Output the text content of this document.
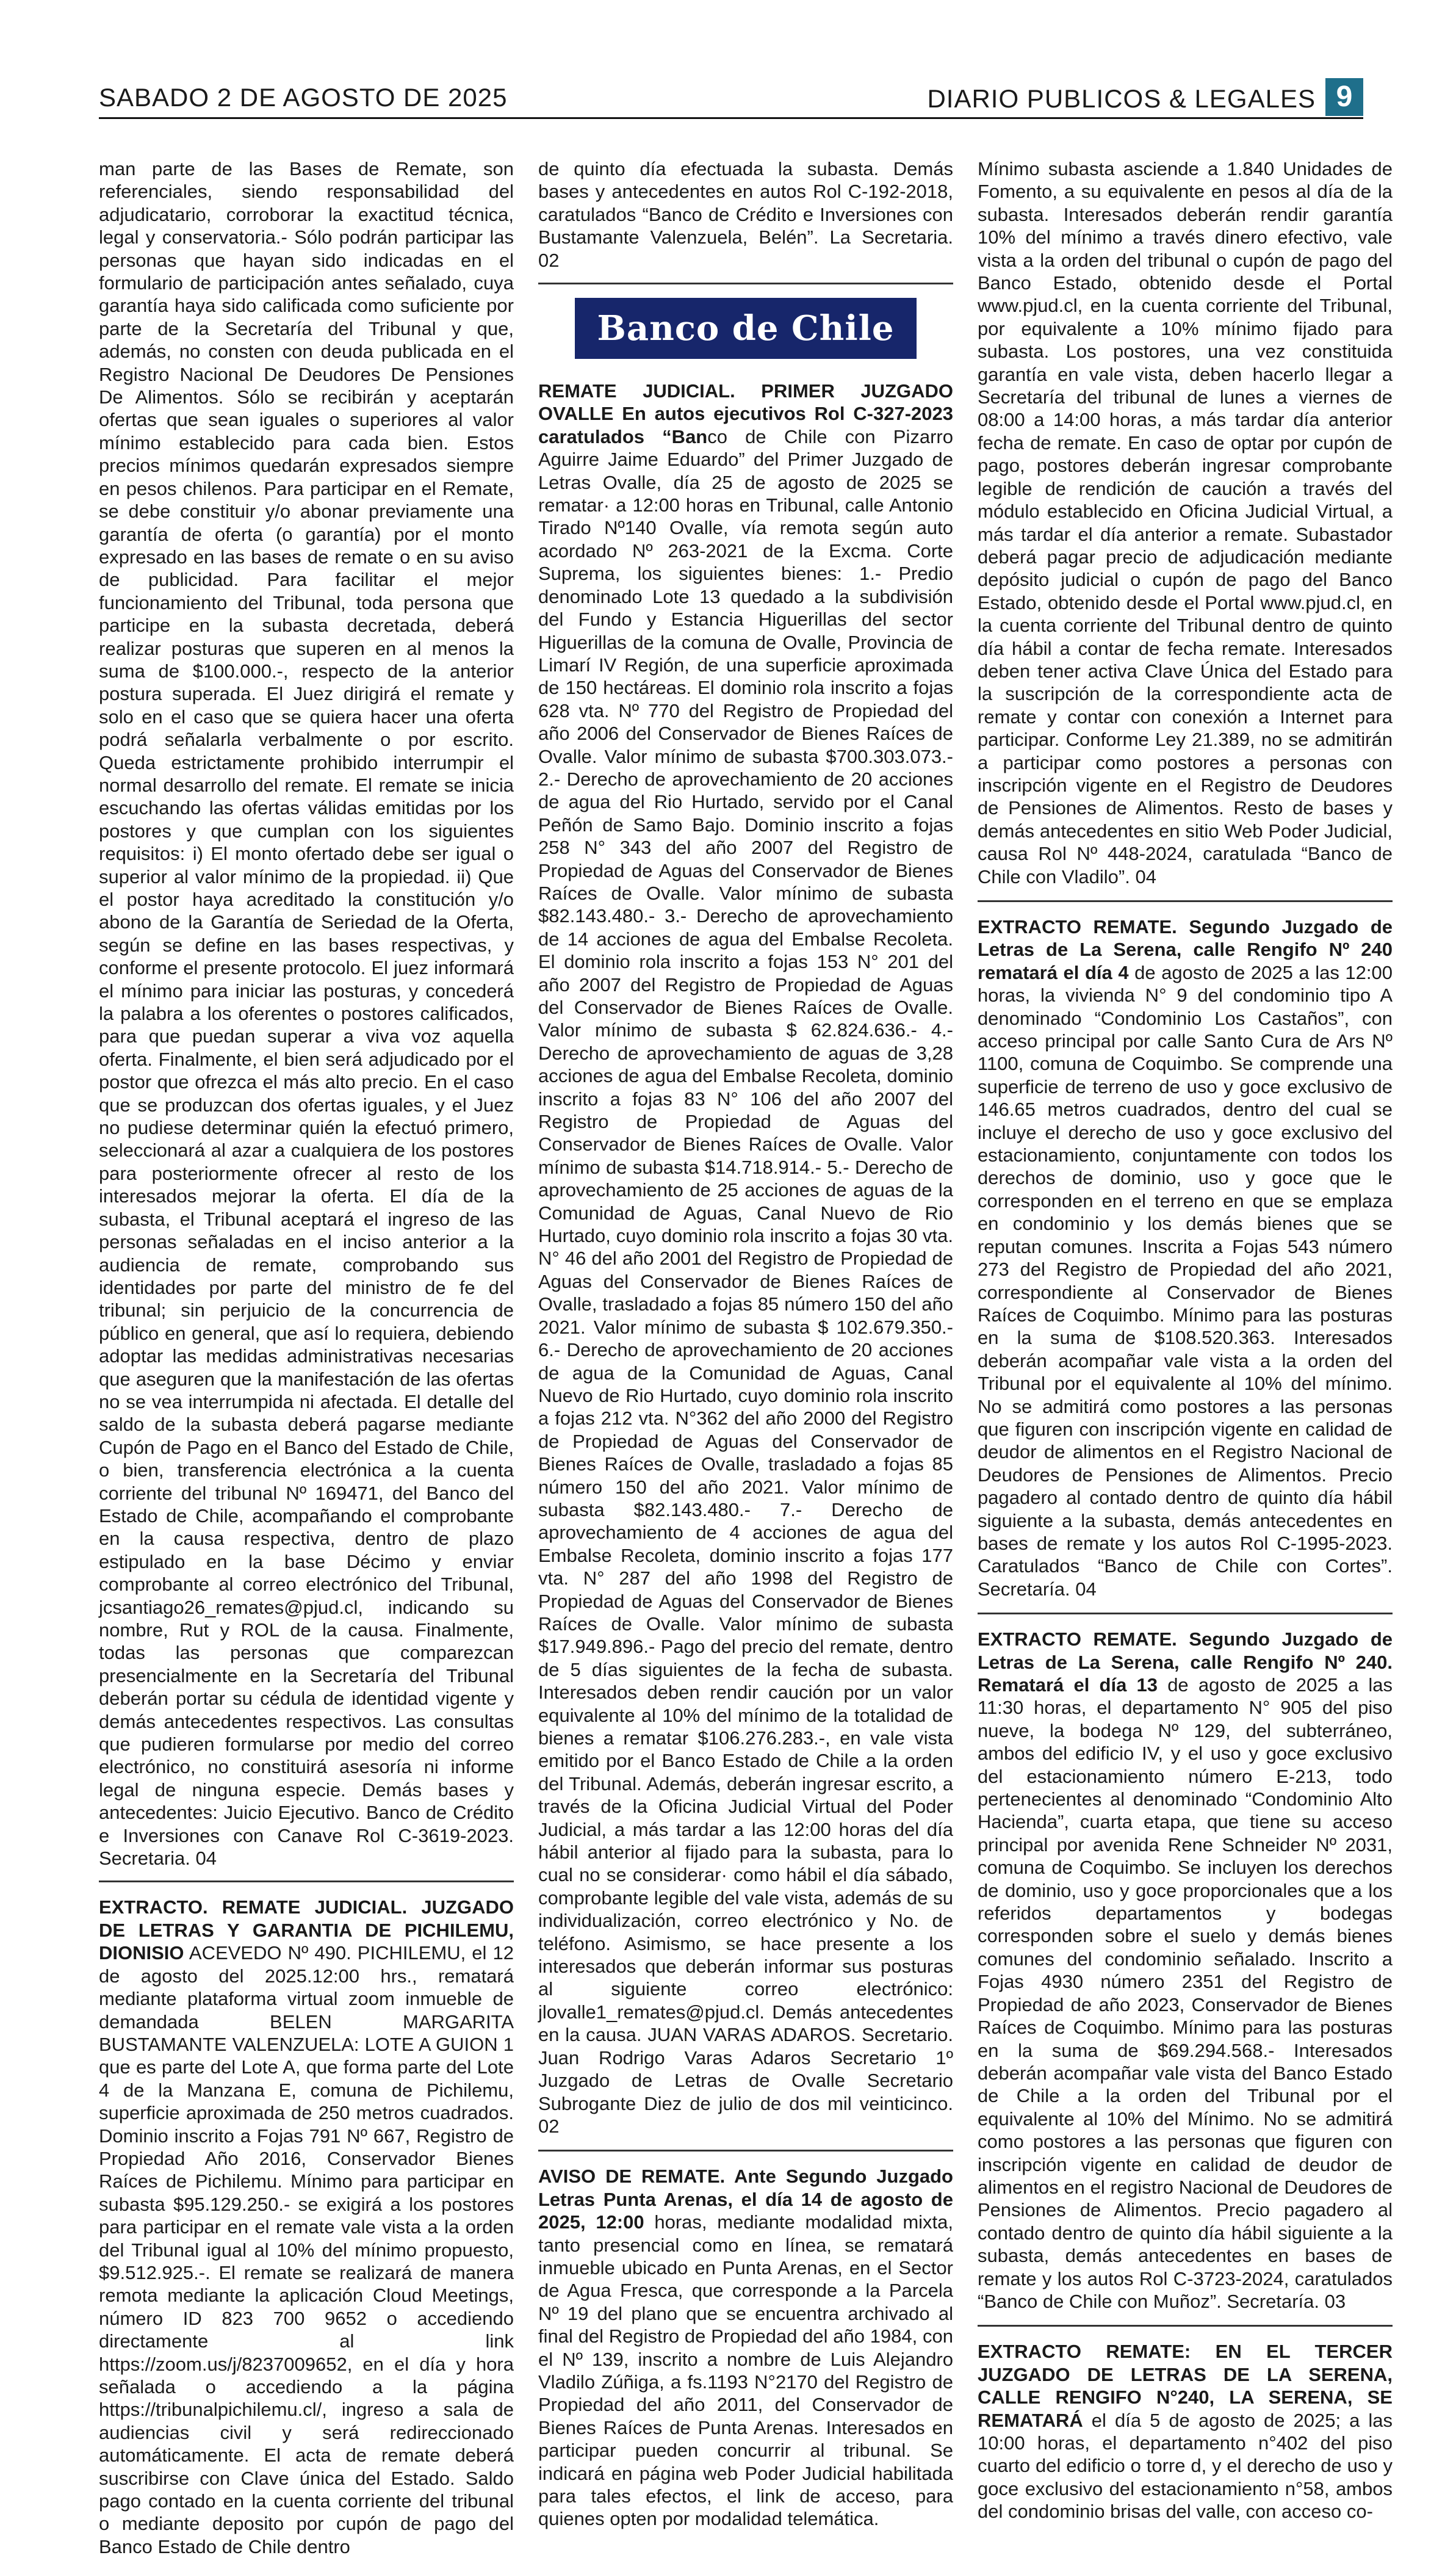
SABADO 2 DE AGOSTO DE 2025	DIARIO PUBLICOS & LEGALES 9

man parte de las Bases de Remate, son referenciales, siendo responsabilidad del adjudicatario, corroborar la exactitud técnica, legal y conservatoria.- Sólo podrán participar las personas que hayan sido indicadas en el formulario de participación antes señalado, cuya garantía haya sido calificada como suficiente por parte de la Secretaría del Tribunal y que, además, no consten con deuda publicada en el Registro Nacional De Deudores De Pensiones De Alimentos. Sólo se recibirán y aceptarán ofertas que sean iguales o superiores al valor mínimo establecido para cada bien. Estos precios mínimos quedarán expresados siempre en pesos chilenos. Para participar en el Remate, se debe constituir y/o abonar previamente una garantía de oferta (o garantía) por el monto expresado en las bases de remate o en su aviso de publicidad. Para facilitar el mejor funcionamiento del Tribunal, toda persona que participe en la subasta decretada, deberá realizar posturas que superen en al menos la suma de $100.000.-, respecto de la anterior postura superada. El Juez dirigirá el remate y solo en el caso que se quiera hacer una oferta podrá señalarla verbalmente o por escrito. Queda estrictamente prohibido interrumpir el normal desarrollo del remate. El remate se inicia escuchando las ofertas válidas emitidas por los postores y que cumplan con los siguientes requisitos: i) El monto ofertado debe ser igual o superior al valor mínimo de la propiedad. ii) Que el postor haya acreditado la constitución y/o abono de la Garantía de Seriedad de la Oferta, según se define en las bases respectivas, y conforme el presente protocolo. El juez informará el mínimo para iniciar las posturas, y concederá la palabra a los oferentes o postores calificados, para que puedan superar a viva voz aquella oferta. Finalmente, el bien será adjudicado por el postor que ofrezca el más alto precio. En el caso que se produzcan dos ofertas iguales, y el Juez no pudiese determinar quién la efectuó primero, seleccionará al azar a cualquiera de los postores para posteriormente ofrecer al resto de los interesados mejorar la oferta. El día de la subasta, el Tribunal aceptará el ingreso de las personas señaladas en el inciso anterior a la audiencia de remate, comprobando sus identidades por parte del ministro de fe del tribunal; sin perjuicio de la concurrencia de público en general, que así lo requiera, debiendo adoptar las medidas administrativas necesarias que aseguren que la manifestación de las ofertas no se vea interrumpida ni afectada. El detalle del saldo de la subasta deberá pagarse mediante Cupón de Pago en el Banco del Estado de Chile, o bien, transferencia electrónica a la cuenta corriente del tribunal Nº 169471, del Banco del Estado de Chile, acompañando el comprobante en la causa respectiva, dentro de plazo estipulado en la base Décimo y enviar comprobante al correo electrónico del Tribunal, jcsantiago26_remates@pjud.cl, indicando su nombre, Rut y ROL de la causa. Finalmente, todas las personas que comparezcan presencialmente en la Secretaría del Tribunal deberán portar su cédula de identidad vigente y demás antecedentes respectivos. Las consultas que pudieren formularse por medio del correo electrónico, no constituirá asesoría ni informe legal de ninguna especie. Demás bases y antecedentes: Juicio Ejecutivo. Banco de Crédito e Inversiones con Canave Rol C-3619-2023. Secretaria. 04

EXTRACTO. REMATE JUDICIAL. JUZGADO DE LETRAS Y GARANTIA DE PICHILEMU, DIONISIO ACEVEDO Nº 490. PICHILEMU, el 12 de agosto del 2025.12:00 hrs., rematará mediante plataforma virtual zoom inmueble de demandada BELEN MARGARITA BUSTAMANTE VALENZUELA: LOTE A GUION 1 que es parte del Lote A, que forma parte del Lote 4 de la Manzana E, comuna de Pichilemu, superficie aproximada de 250 metros cuadrados. Dominio inscrito a Fojas 791 Nº 667, Registro de Propiedad Año 2016, Conservador Bienes Raíces de Pichilemu. Mínimo para participar en subasta $95.129.250.- se exigirá a los postores para participar en el remate vale vista a la orden del Tribunal igual al 10% del mínimo propuesto, $9.512.925.-. El remate se realizará de manera remota mediante la aplicación Cloud Meetings, número ID 823 700 9652 o accediendo directamente al link https://zoom.us/j/8237009652, en el día y hora señalada o accediendo a la página https://tribunalpichilemu.cl/, ingreso a sala de audiencias civil y será redireccionado automáticamente. El acta de remate deberá suscribirse con Clave única del Estado. Saldo pago contado en la cuenta corriente del tribunal o mediante deposito por cupón de pago del Banco Estado de Chile dentro

de quinto día efectuada la subasta. Demás bases y antecedentes en autos Rol C-192-2018, caratulados “Banco de Crédito e Inversiones con Bustamante Valenzuela, Belén”. La Secretaria. 02

Banco de Chile

REMATE JUDICIAL. PRIMER JUZGADO OVALLE En autos ejecutivos Rol C-327-2023 caratulados “Banco de Chile con Pizarro Aguirre Jaime Eduardo” del Primer Juzgado de Letras Ovalle, día 25 de agosto de 2025 se rematar· a 12:00 horas en Tribunal, calle Antonio Tirado Nº140 Ovalle, vía remota según auto acordado Nº 263-2021 de la Excma. Corte Suprema, los siguientes bienes: 1.- Predio denominado Lote 13 quedado a la subdivisión del Fundo y Estancia Higuerillas del sector Higuerillas de la comuna de Ovalle, Provincia de Limarí IV Región, de una superficie aproximada de 150 hectáreas. El dominio rola inscrito a fojas 628 vta. Nº 770 del Registro de Propiedad del año 2006 del Conservador de Bienes Raíces de Ovalle. Valor mínimo de subasta $700.303.073.- 2.- Derecho de aprovechamiento de 20 acciones de agua del Rio Hurtado, servido por el Canal Peñón de Samo Bajo. Dominio inscrito a fojas 258 N° 343 del año 2007 del Registro de Propiedad de Aguas del Conservador de Bienes Raíces de Ovalle. Valor mínimo de subasta $82.143.480.- 3.- Derecho de aprovechamiento de 14 acciones de agua del Embalse Recoleta. El dominio rola inscrito a fojas 153 N° 201 del año 2007 del Registro de Propiedad de Aguas del Conservador de Bienes Raíces de Ovalle. Valor mínimo de subasta $ 62.824.636.- 4.- Derecho de aprovechamiento de aguas de 3,28 acciones de agua del Embalse Recoleta, dominio inscrito a fojas 83 N° 106 del año 2007 del Registro de Propiedad de Aguas del Conservador de Bienes Raíces de Ovalle. Valor mínimo de subasta $14.718.914.- 5.- Derecho de aprovechamiento de 25 acciones de aguas de la Comunidad de Aguas, Canal Nuevo de Rio Hurtado, cuyo dominio rola inscrito a fojas 30 vta. N° 46 del año 2001 del Registro de Propiedad de Aguas del Conservador de Bienes Raíces de Ovalle, trasladado a fojas 85 número 150 del año 2021. Valor mínimo de subasta $ 102.679.350.- 6.- Derecho de aprovechamiento de 20 acciones de agua de la Comunidad de Aguas, Canal Nuevo de Rio Hurtado, cuyo dominio rola inscrito a fojas 212 vta. N°362 del año 2000 del Registro de Propiedad de Aguas del Conservador de Bienes Raíces de Ovalle, trasladado a fojas 85 número 150 del año 2021. Valor mínimo de subasta $82.143.480.- 7.- Derecho de aprovechamiento de 4 acciones de agua del Embalse Recoleta, dominio inscrito a fojas 177 vta. N° 287 del año 1998 del Registro de Propiedad de Aguas del Conservador de Bienes Raíces de Ovalle. Valor mínimo de subasta $17.949.896.- Pago del precio del remate, dentro de 5 días siguientes de la fecha de subasta. Interesados deben rendir caución por un valor equivalente al 10% del mínimo de la totalidad de bienes a rematar $106.276.283.-, en vale vista emitido por el Banco Estado de Chile a la orden del Tribunal. Además, deberán ingresar escrito, a través de la Oficina Judicial Virtual del Poder Judicial, a más tardar a las 12:00 horas del día hábil anterior al fijado para la subasta, para lo cual no se considerar· como hábil el día sábado, comprobante legible del vale vista, además de su individualización, correo electrónico y No. de teléfono. Asimismo, se hace presente a los interesados que deberán informar sus posturas al siguiente correo electrónico: jlovalle1_remates@pjud.cl. Demás antecedentes en la causa. JUAN VARAS ADAROS. Secretario. Juan Rodrigo Varas Adaros Secretario 1º Juzgado de Letras de Ovalle Secretario Subrogante Diez de julio de dos mil veinticinco. 02

AVISO DE REMATE. Ante Segundo Juzgado Letras Punta Arenas, el día 14 de agosto de 2025, 12:00 horas, mediante modalidad mixta, tanto presencial como en línea, se rematará inmueble ubicado en Punta Arenas, en el Sector de Agua Fresca, que corresponde a la Parcela Nº 19 del plano que se encuentra archivado al final del Registro de Propiedad del año 1984, con el Nº 139, inscrito a nombre de Luis Alejandro Vladilo Zúñiga, a fs.1193 N°2170 del Registro de Propiedad del año 2011, del Conservador de Bienes Raíces de Punta Arenas. Interesados en participar pueden concurrir al tribunal. Se indicará en página web Poder Judicial habilitada para tales efectos, el link de acceso, para quienes opten por modalidad telemática.

Mínimo subasta asciende a 1.840 Unidades de Fomento, a su equivalente en pesos al día de la subasta. Interesados deberán rendir garantía 10% del mínimo a través dinero efectivo, vale vista a la orden del tribunal o cupón de pago del Banco Estado, obtenido desde el Portal www.pjud.cl, en la cuenta corriente del Tribunal, por equivalente a 10% mínimo fijado para subasta. Los postores, una vez constituida garantía en vale vista, deben hacerlo llegar a Secretaría del tribunal de lunes a viernes de 08:00 a 14:00 horas, a más tardar día anterior fecha de remate. En caso de optar por cupón de pago, postores deberán ingresar comprobante legible de rendición de caución a través del módulo establecido en Oficina Judicial Virtual, a más tardar el día anterior a remate. Subastador deberá pagar precio de adjudicación mediante depósito judicial o cupón de pago del Banco Estado, obtenido desde el Portal www.pjud.cl, en la cuenta corriente del Tribunal dentro de quinto día hábil a contar de fecha remate. Interesados deben tener activa Clave Única del Estado para la suscripción de la correspondiente acta de remate y contar con conexión a Internet para participar. Conforme Ley 21.389, no se admitirán a participar como postores a personas con inscripción vigente en el Registro de Deudores de Pensiones de Alimentos. Resto de bases y demás antecedentes en sitio Web Poder Judicial, causa Rol Nº 448-2024, caratulada “Banco de Chile con Vladilo”. 04

EXTRACTO REMATE. Segundo Juzgado de Letras de La Serena, calle Rengifo Nº 240 rematará el día 4 de agosto de 2025 a las 12:00 horas, la vivienda N° 9 del condominio tipo A denominado “Condominio Los Castaños”, con acceso principal por calle Santo Cura de Ars Nº 1100, comuna de Coquimbo. Se comprende una superficie de terreno de uso y goce exclusivo de 146.65 metros cuadrados, dentro del cual se incluye el derecho de uso y goce exclusivo del estacionamiento, conjuntamente con todos los derechos de dominio, uso y goce que le corresponden en el terreno en que se emplaza en condominio y los demás bienes que se reputan comunes. Inscrita a Fojas 543 número 273 del Registro de Propiedad del año 2021, correspondiente al Conservador de Bienes Raíces de Coquimbo. Mínimo para las posturas en la suma de $108.520.363. Interesados deberán acompañar vale vista a la orden del Tribunal por el equivalente al 10% del mínimo. No se admitirá como postores a las personas que figuren con inscripción vigente en calidad de deudor de alimentos en el Registro Nacional de Deudores de Pensiones de Alimentos. Precio pagadero al contado dentro de quinto día hábil siguiente a la subasta, demás antecedentes en bases de remate y los autos Rol C-1995-2023. Caratulados “Banco de Chile con Cortes”. Secretaría. 04

EXTRACTO REMATE. Segundo Juzgado de Letras de La Serena, calle Rengifo Nº 240. Rematará el día 13 de agosto de 2025 a las 11:30 horas, el departamento N° 905 del piso nueve, la bodega Nº 129, del subterráneo, ambos del edificio IV, y el uso y goce exclusivo del estacionamiento número E-213, todo pertenecientes al denominado “Condominio Alto Hacienda”, cuarta etapa, que tiene su acceso principal por avenida Rene Schneider Nº 2031, comuna de Coquimbo. Se incluyen los derechos de dominio, uso y goce proporcionales que a los referidos departamentos y bodegas corresponden sobre el suelo y demás bienes comunes del condominio señalado. Inscrito a Fojas 4930 número 2351 del Registro de Propiedad de año 2023, Conservador de Bienes Raíces de Coquimbo. Mínimo para las posturas en la suma de $69.294.568.- Interesados deberán acompañar vale vista del Banco Estado de Chile a la orden del Tribunal por el equivalente al 10% del Mínimo. No se admitirá como postores a las personas que figuren con inscripción vigente en calidad de deudor de alimentos en el registro Nacional de Deudores de Pensiones de Alimentos. Precio pagadero al contado dentro de quinto día hábil siguiente a la subasta, demás antecedentes en bases de remate y los autos Rol C-3723-2024, caratulados “Banco de Chile con Muñoz”. Secretaría. 03

EXTRACTO REMATE: EN EL TERCER JUZGADO DE LETRAS DE LA SERENA, CALLE RENGIFO N°240, LA SERENA, SE REMATARÁ el día 5 de agosto de 2025; a las 10:00 horas, el departamento n°402 del piso cuarto del edificio o torre d, y el derecho de uso y goce exclusivo del estacionamiento n°58, ambos del condominio brisas del valle, con acceso co-
